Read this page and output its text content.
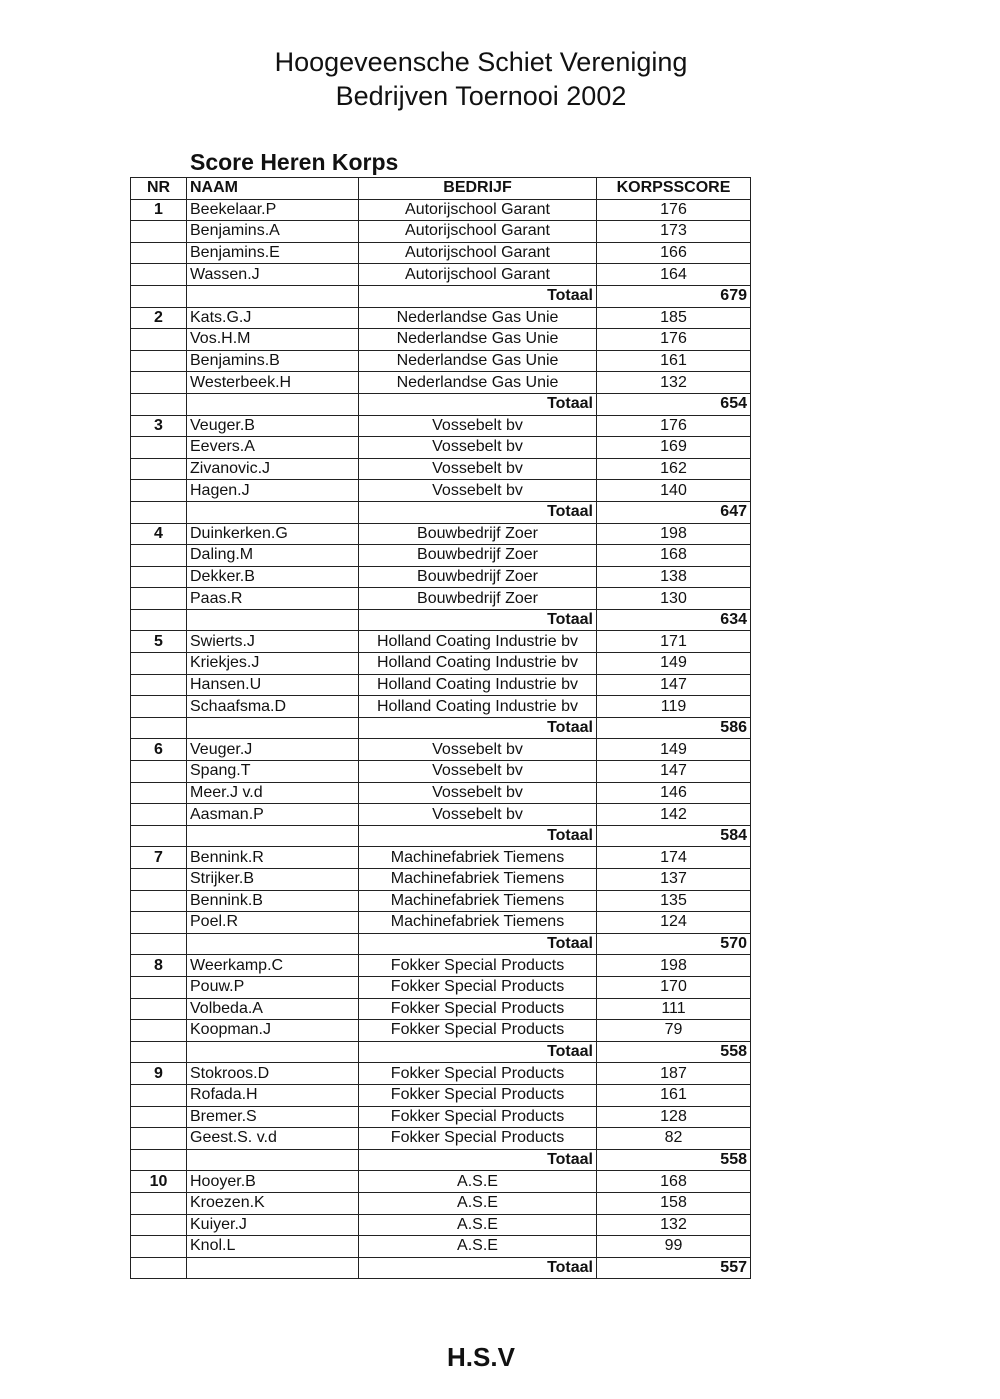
Hoogeveensche Schiet Vereniging
Bedrijven Toernooi 2002
Score Heren Korps
NR	NAAM	BEDRIJF	KORPSSCORE
1	Beekelaar.P	Autorijschool Garant	176
	Benjamins.A	Autorijschool Garant	173
	Benjamins.E	Autorijschool Garant	166
	Wassen.J	Autorijschool Garant	164
		Totaal	679
2	Kats.G.J	Nederlandse Gas Unie	185
	Vos.H.M	Nederlandse Gas Unie	176
	Benjamins.B	Nederlandse Gas Unie	161
	Westerbeek.H	Nederlandse Gas Unie	132
		Totaal	654
3	Veuger.B	Vossebelt bv	176
	Eevers.A	Vossebelt bv	169
	Zivanovic.J	Vossebelt bv	162
	Hagen.J	Vossebelt bv	140
		Totaal	647
4	Duinkerken.G	Bouwbedrijf Zoer	198
	Daling.M	Bouwbedrijf Zoer	168
	Dekker.B	Bouwbedrijf Zoer	138
	Paas.R	Bouwbedrijf Zoer	130
		Totaal	634
5	Swierts.J	Holland Coating Industrie bv	171
	Kriekjes.J	Holland Coating Industrie bv	149
	Hansen.U	Holland Coating Industrie bv	147
	Schaafsma.D	Holland Coating Industrie bv	119
		Totaal	586
6	Veuger.J	Vossebelt bv	149
	Spang.T	Vossebelt bv	147
	Meer.J v.d	Vossebelt bv	146
	Aasman.P	Vossebelt bv	142
		Totaal	584
7	Bennink.R	Machinefabriek Tiemens	174
	Strijker.B	Machinefabriek Tiemens	137
	Bennink.B	Machinefabriek Tiemens	135
	Poel.R	Machinefabriek Tiemens	124
		Totaal	570
8	Weerkamp.C	Fokker Special Products	198
	Pouw.P	Fokker Special Products	170
	Volbeda.A	Fokker Special Products	111
	Koopman.J	Fokker Special Products	79
		Totaal	558
9	Stokroos.D	Fokker Special Products	187
	Rofada.H	Fokker Special Products	161
	Bremer.S	Fokker Special Products	128
	Geest.S. v.d	Fokker Special Products	82
		Totaal	558
10	Hooyer.B	A.S.E	168
	Kroezen.K	A.S.E	158
	Kuiyer.J	A.S.E	132
	Knol.L	A.S.E	99
		Totaal	557
H.S.V
